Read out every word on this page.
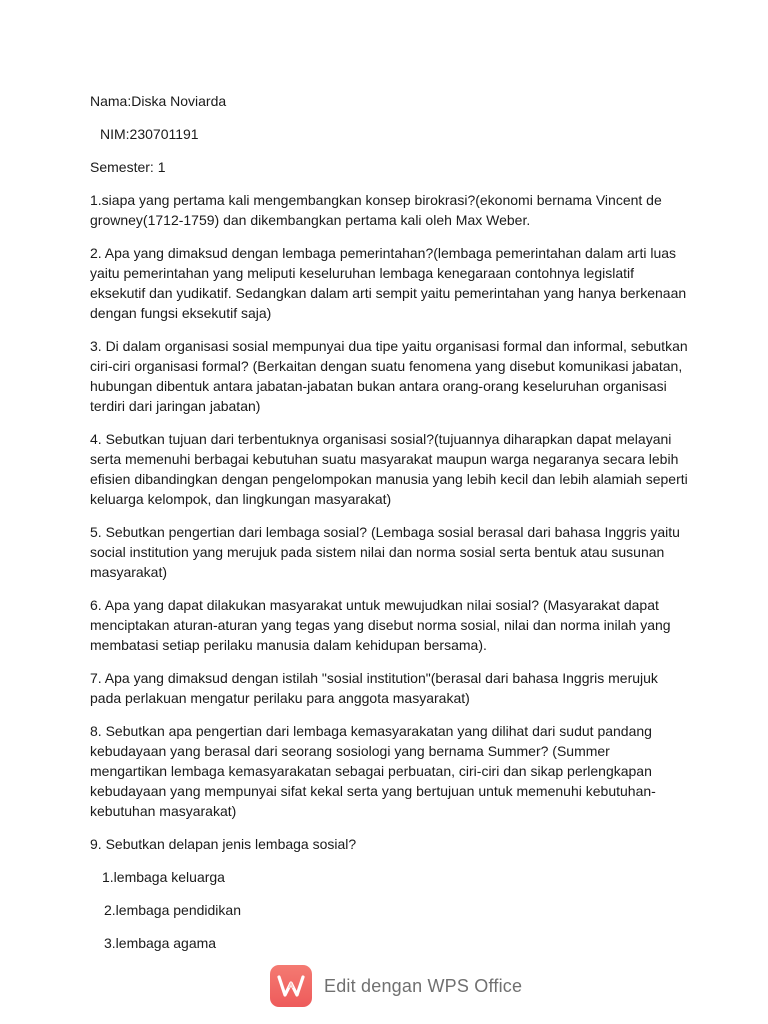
Nama:Diska Noviarda

NIM:230701191

Semester: 1

1.siapa yang pertama kali mengembangkan konsep birokrasi?(ekonomi bernama Vincent de growney(1712-1759) dan dikembangkan pertama kali oleh Max Weber.

2. Apa yang dimaksud dengan lembaga pemerintahan?(lembaga pemerintahan dalam arti luas yaitu pemerintahan yang meliputi keseluruhan lembaga kenegaraan contohnya legislatif eksekutif dan yudikatif. Sedangkan dalam arti sempit yaitu pemerintahan yang hanya berkenaan dengan fungsi eksekutif saja)

3. Di dalam organisasi sosial mempunyai dua tipe yaitu organisasi formal dan informal, sebutkan ciri-ciri organisasi formal? (Berkaitan dengan suatu fenomena yang disebut komunikasi jabatan, hubungan dibentuk antara jabatan-jabatan bukan antara orang-orang keseluruhan organisasi terdiri dari jaringan jabatan)

4. Sebutkan tujuan dari terbentuknya organisasi sosial?(tujuannya diharapkan dapat melayani serta memenuhi berbagai kebutuhan suatu masyarakat maupun warga negaranya secara lebih efisien dibandingkan dengan pengelompokan manusia yang lebih kecil dan lebih alamiah seperti keluarga kelompok, dan lingkungan masyarakat)

5. Sebutkan pengertian dari lembaga sosial? (Lembaga sosial berasal dari bahasa Inggris yaitu social institution yang merujuk pada sistem nilai dan norma sosial serta bentuk atau susunan masyarakat)

6. Apa yang dapat dilakukan masyarakat untuk mewujudkan nilai sosial? (Masyarakat dapat menciptakan aturan-aturan yang tegas yang disebut norma sosial, nilai dan norma inilah yang membatasi setiap perilaku manusia dalam kehidupan bersama).

7. Apa yang dimaksud dengan istilah "sosial institution"(berasal dari bahasa Inggris merujuk pada perlakuan mengatur perilaku para anggota masyarakat)

8. Sebutkan apa pengertian dari lembaga kemasyarakatan yang dilihat dari sudut pandang kebudayaan yang berasal dari seorang sosiologi yang bernama Summer? (Summer mengartikan lembaga kemasyarakatan sebagai perbuatan, ciri-ciri dan sikap perlengkapan kebudayaan yang mempunyai sifat kekal serta yang bertujuan untuk memenuhi kebutuhan-kebutuhan masyarakat)

9. Sebutkan delapan jenis lembaga sosial?

1.lembaga keluarga

2.lembaga pendidikan

3.lembaga agama

Edit dengan WPS Office
